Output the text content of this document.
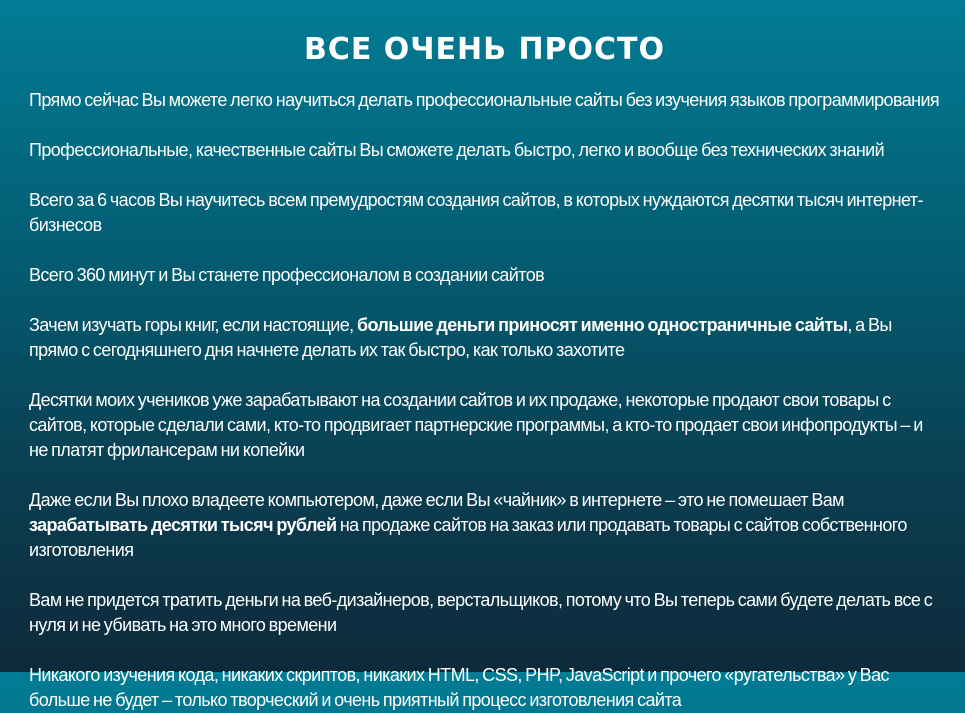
ВСЕ ОЧЕНЬ ПРОСТО

Прямо сейчас Вы можете легко научиться делать профессиональные сайты без изучения языков программирования

Профессиональные, качественные сайты Вы сможете делать быстро, легко и вообще без технических знаний

Всего за 6 часов Вы научитесь всем премудростям создания сайтов, в которых нуждаются десятки тысяч интернет-бизнесов

Всего 360 минут и Вы станете профессионалом в создании сайтов

Зачем изучать горы книг, если настоящие, большие деньги приносят именно одностраничные сайты, а Вы прямо с сегодняшнего дня начнете делать их так быстро, как только захотите

Десятки моих учеников уже зарабатывают на создании сайтов и их продаже, некоторые продают свои товары с сайтов, которые сделали сами, кто-то продвигает партнерские программы, а кто-то продает свои инфопродукты – и не платят фрилансерам ни копейки

Даже если Вы плохо владеете компьютером, даже если Вы «чайник» в интернете – это не помешает Вам зарабатывать десятки тысяч рублей на продаже сайтов на заказ или продавать товары с сайтов собственного изготовления

Вам не придется тратить деньги на веб-дизайнеров, верстальщиков, потому что Вы теперь сами будете делать все с нуля и не убивать на это много времени

Никакого изучения кода, никаких скриптов, никаких HTML, CSS, PHP, JavaScript и прочего «ругательства» у Вас больше не будет – только творческий и очень приятный процесс изготовления сайта
